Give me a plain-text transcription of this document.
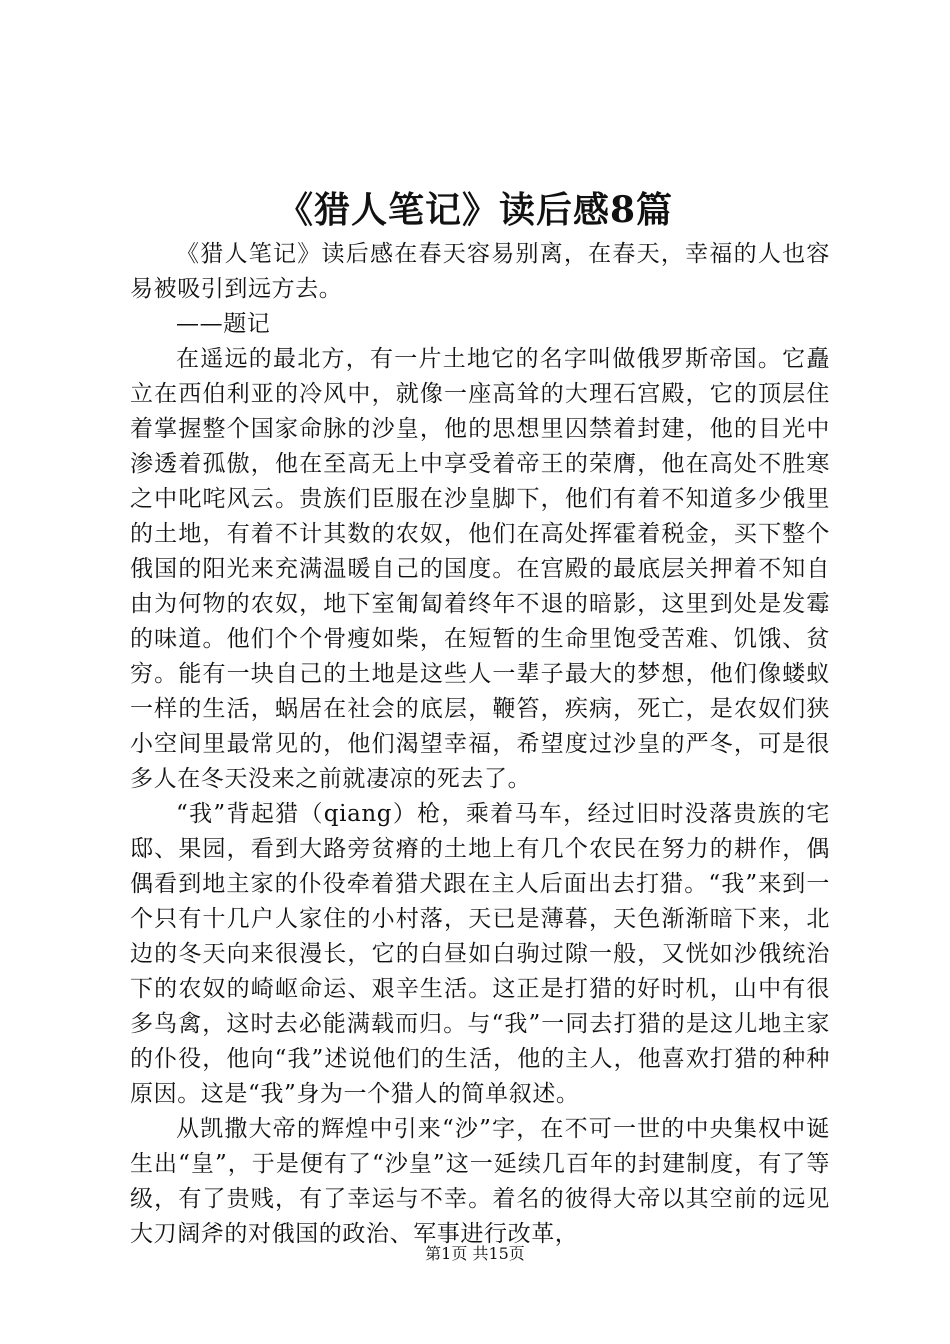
《猎人笔记》读后感8篇

《猎人笔记》读后感在春天容易别离，在春天，幸福的人也容易被吸引到远方去。

——题记

在遥远的最北方，有一片土地它的名字叫做俄罗斯帝国。它矗立在西伯利亚的冷风中，就像一座高耸的大理石宫殿，它的顶层住着掌握整个国家命脉的沙皇，他的思想里囚禁着封建，他的目光中渗透着孤傲，他在至高无上中享受着帝王的荣膺，他在高处不胜寒之中叱咤风云。贵族们臣服在沙皇脚下，他们有着不知道多少俄里的土地，有着不计其数的农奴，他们在高处挥霍着税金，买下整个俄国的阳光来充满温暖自己的国度。在宫殿的最底层关押着不知自由为何物的农奴，地下室匍匐着终年不退的暗影，这里到处是发霉的味道。他们个个骨瘦如柴，在短暂的生命里饱受苦难、饥饿、贫穷。能有一块自己的土地是这些人一辈子最大的梦想，他们像蝼蚁一样的生活，蜗居在社会的底层，鞭笞，疾病，死亡，是农奴们狭小空间里最常见的，他们渴望幸福，希望度过沙皇的严冬，可是很多人在冬天没来之前就凄凉的死去了。

“我”背起猎（qiang）枪，乘着马车，经过旧时没落贵族的宅邸、果园，看到大路旁贫瘠的土地上有几个农民在努力的耕作，偶偶看到地主家的仆役牵着猎犬跟在主人后面出去打猎。“我”来到一个只有十几户人家住的小村落，天已是薄暮，天色渐渐暗下来，北边的冬天向来很漫长，它的白昼如白驹过隙一般，又恍如沙俄统治下的农奴的崎岖命运、艰辛生活。这正是打猎的好时机，山中有很多鸟禽，这时去必能满载而归。与“我”一同去打猎的是这儿地主家的仆役，他向“我”述说他们的生活，他的主人，他喜欢打猎的种种原因。这是“我”身为一个猎人的简单叙述。

从凯撒大帝的辉煌中引来“沙”字，在不可一世的中央集权中诞生出“皇”，于是便有了“沙皇”这一延续几百年的封建制度，有了等级，有了贵贱，有了幸运与不幸。着名的彼得大帝以其空前的远见大刀阔斧的对俄国的政治、军事进行改革，

第1页 共15页
